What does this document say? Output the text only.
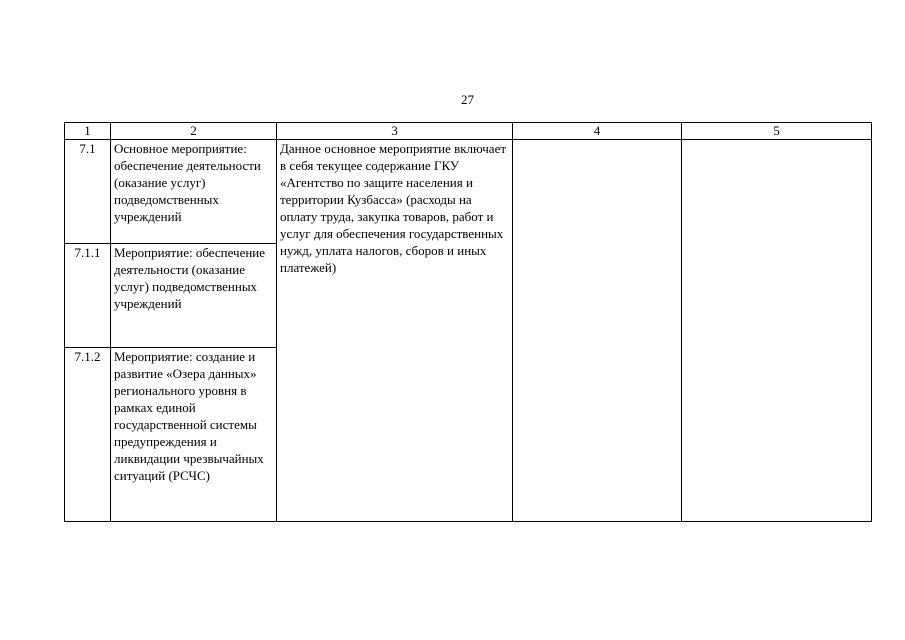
27
1	2	3	4	5
7.1	Основное мероприятие: обеспечение деятельности (оказание услуг) подведомственных учреждений	Данное основное мероприятие включает в себя текущее содержание ГКУ «Агентство по защите населения и территории Кузбасса» (расходы на оплату труда, закупка товаров, работ и услуг для обеспечения государственных нужд, уплата налогов, сборов и иных платежей)		
7.1.1	Мероприятие: обеспечение деятельности (оказание услуг) подведомственных учреждений			
7.1.2	Мероприятие: создание и развитие «Озера данных» регионального уровня в рамках единой государственной системы предупреждения и ликвидации чрезвычайных ситуаций (РСЧС)			
